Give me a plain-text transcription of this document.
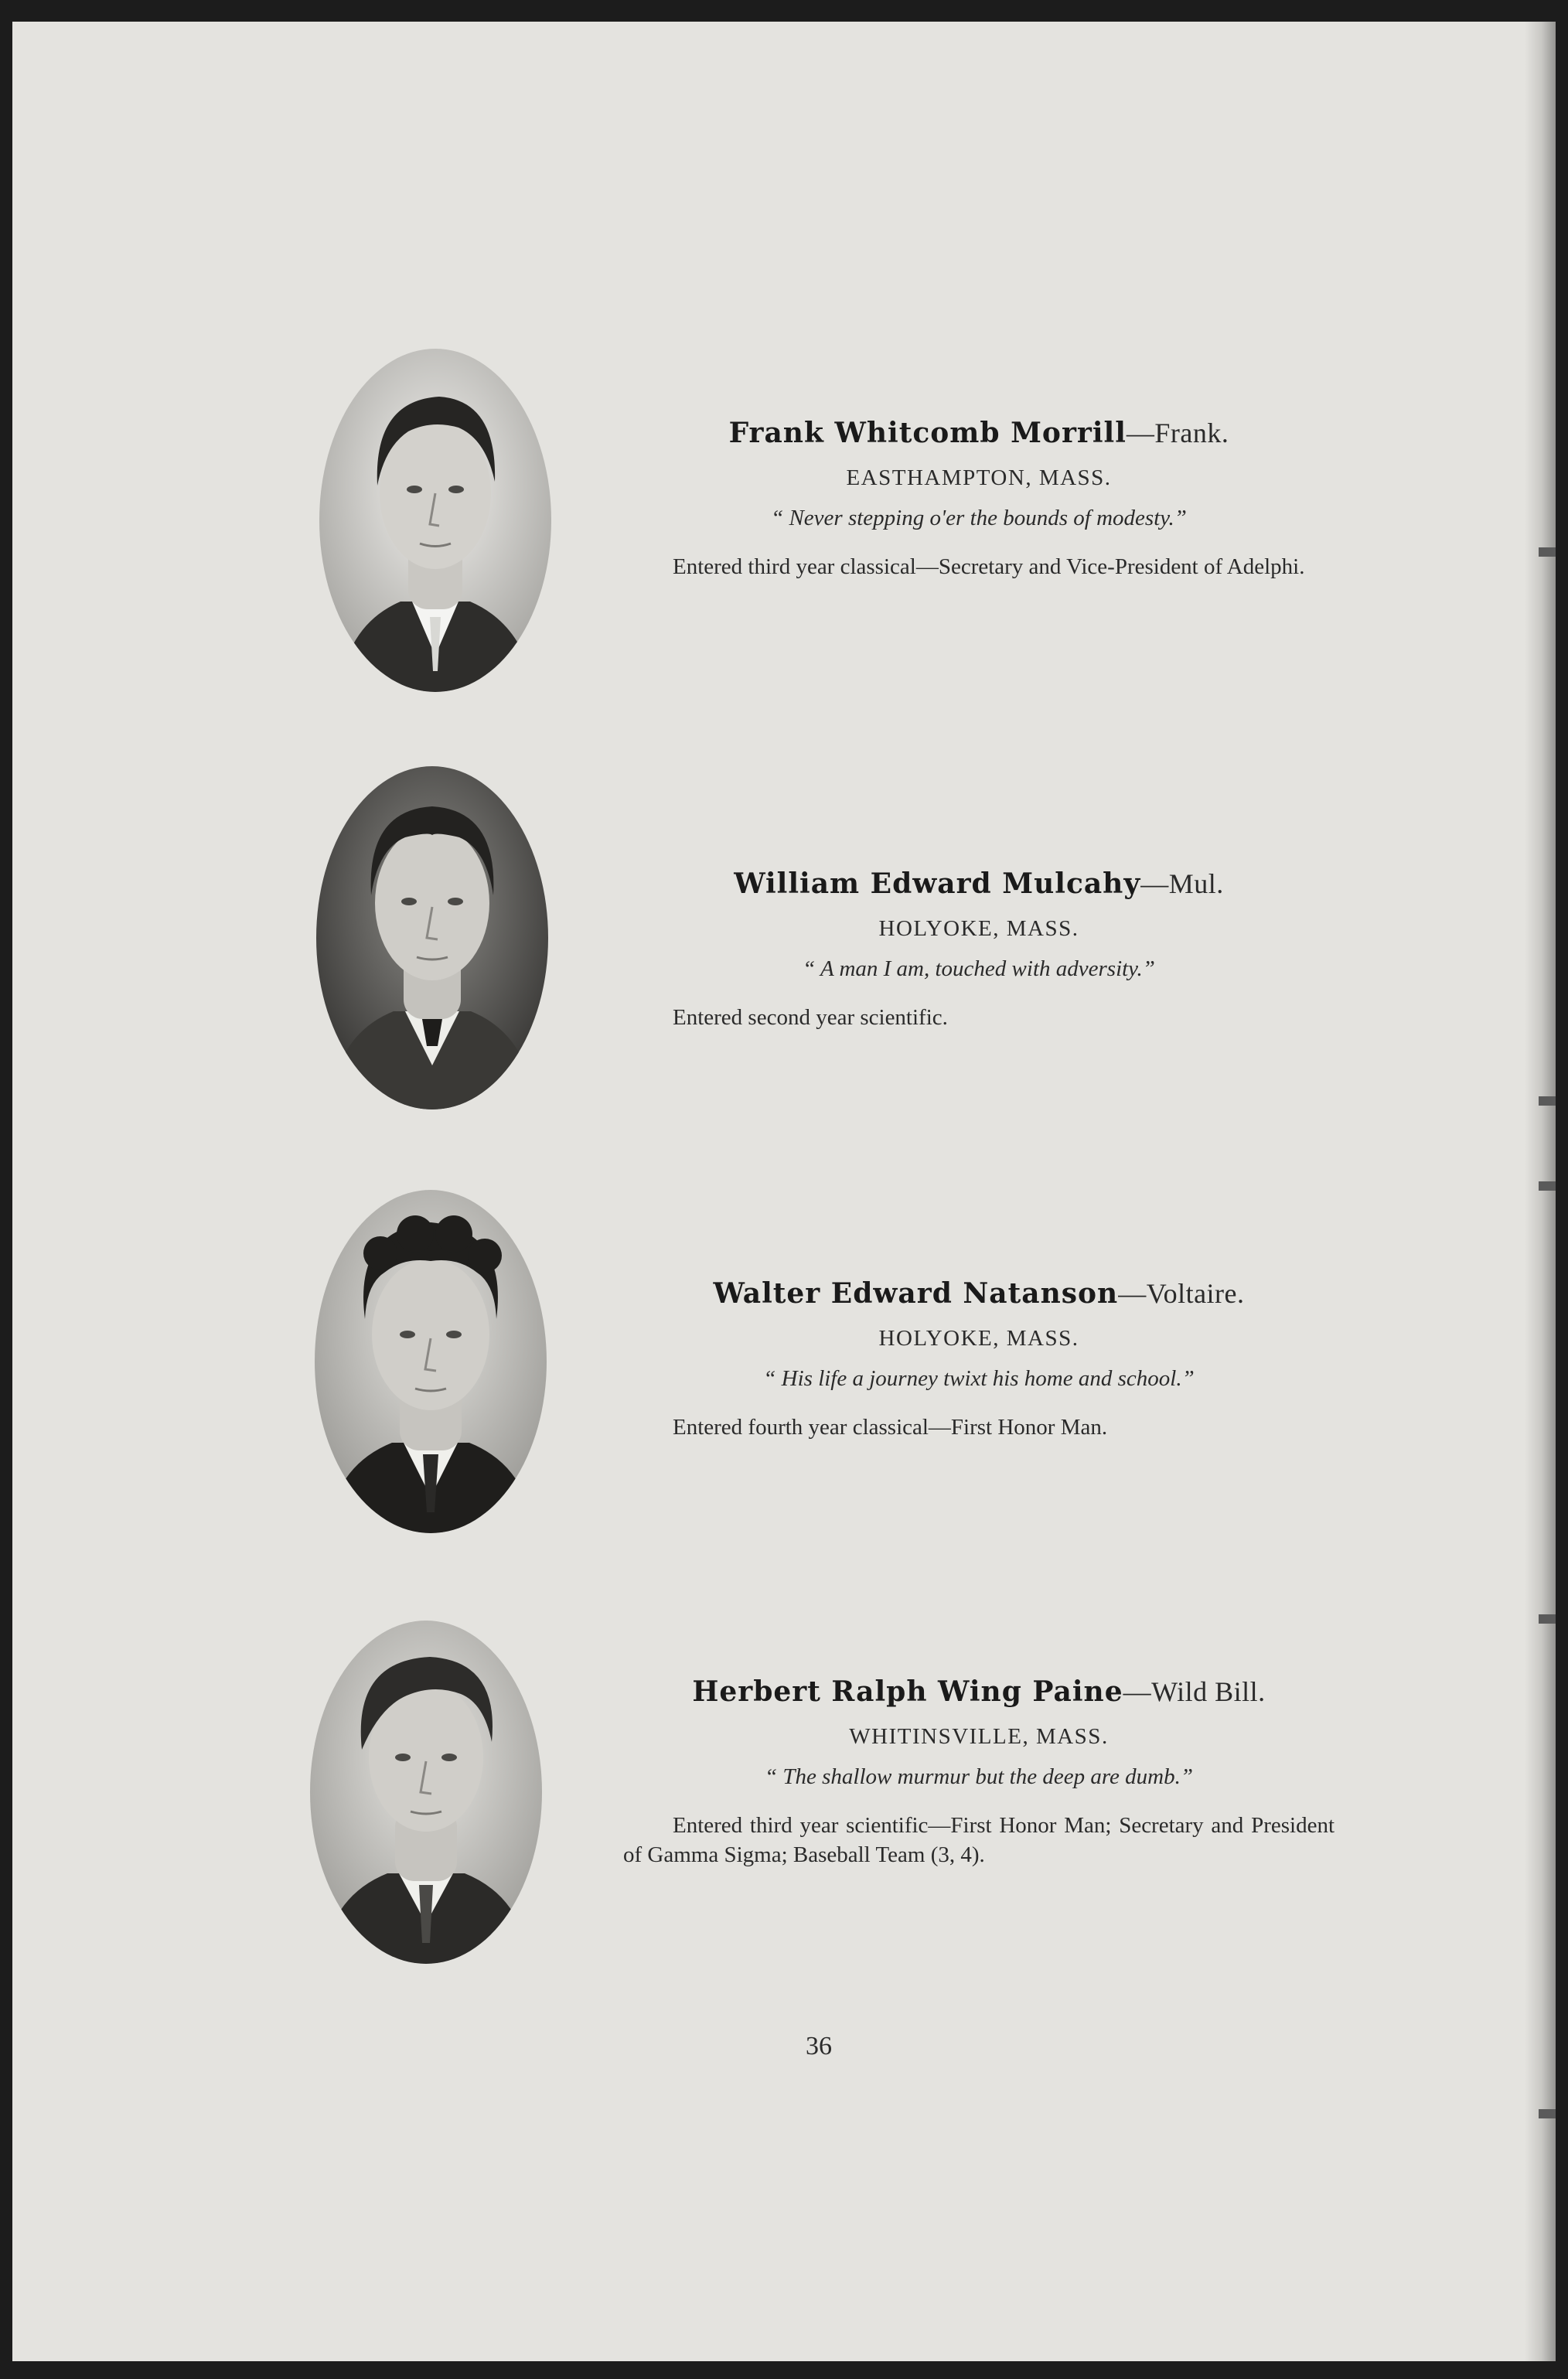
Frank Whitcomb Morrill—Frank.

EASTHAMPTON, MASS.

“ Never stepping o'er the bounds of modesty.”

Entered third year classical—Secretary and Vice-President of Adelphi.

William Edward Mulcahy—Mul.

HOLYOKE, MASS.

“ A man I am, touched with adversity.”

Entered second year scientific.

Walter Edward Natanson—Voltaire.

HOLYOKE, MASS.

“ His life a journey twixt his home and school.”

Entered fourth year classical—First Honor Man.

Herbert Ralph Wing Paine—Wild Bill.

WHITINSVILLE, MASS.

“ The shallow murmur but the deep are dumb.”

Entered third year scientific—First Honor Man; Secretary and President of Gamma Sigma; Baseball Team (3, 4).

36
